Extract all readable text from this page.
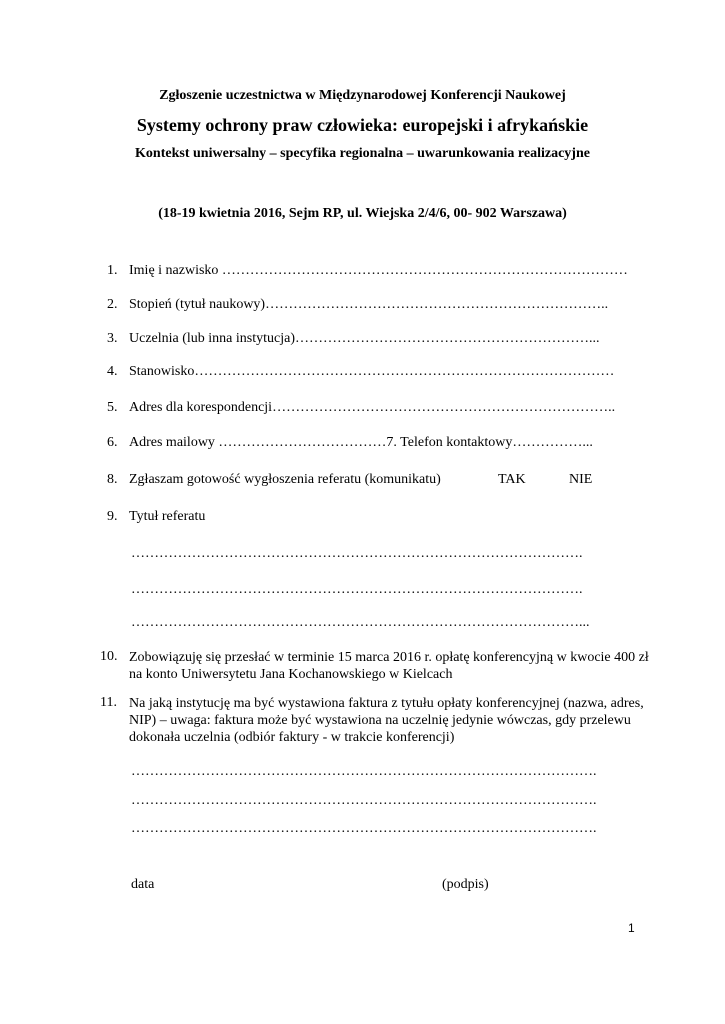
Zgłoszenie uczestnictwa w Międzynarodowej Konferencji Naukowej
Systemy ochrony praw człowieka: europejski i afrykańskie
Kontekst uniwersalny – specyfika regionalna – uwarunkowania realizacyjne
(18-19 kwietnia 2016, Sejm RP, ul. Wiejska 2/4/6, 00- 902 Warszawa)
1. Imię i nazwisko ……………………………………………………………………………
2. Stopień (tytuł naukowy)………………………………………………………………..
3. Uczelnia (lub inna instytucja)………………………………………………………...
4. Stanowisko………………………………………………………………………………
5. Adres dla korespondencji………………………………………………………………..
6. Adres mailowy ………………………………7. Telefon kontaktowy……………...
8. Zgłaszam gotowość wygłoszenia referatu (komunikatu)	TAK	NIE
9. Tytuł referatu
…………………………………………………………………………………….
…………………………………………………………………………………….
……………………………………………………………………………………...
10. Zobowiązuję się przesłać w terminie 15 marca 2016 r. opłatę konferencyjną w kwocie 400 zł na konto Uniwersytetu Jana Kochanowskiego w Kielcach
11. Na jaką instytucję ma być wystawiona faktura z tytułu opłaty konferencyjnej (nazwa, adres, NIP) – uwaga: faktura może być wystawiona na uczelnię jedynie wówczas, gdy przelewu dokonała uczelnia (odbiór faktury - w trakcie konferencji)
……………………………………………………………………………………….
……………………………………………………………………………………….
……………………………………………………………………………………….
data	(podpis)
1
